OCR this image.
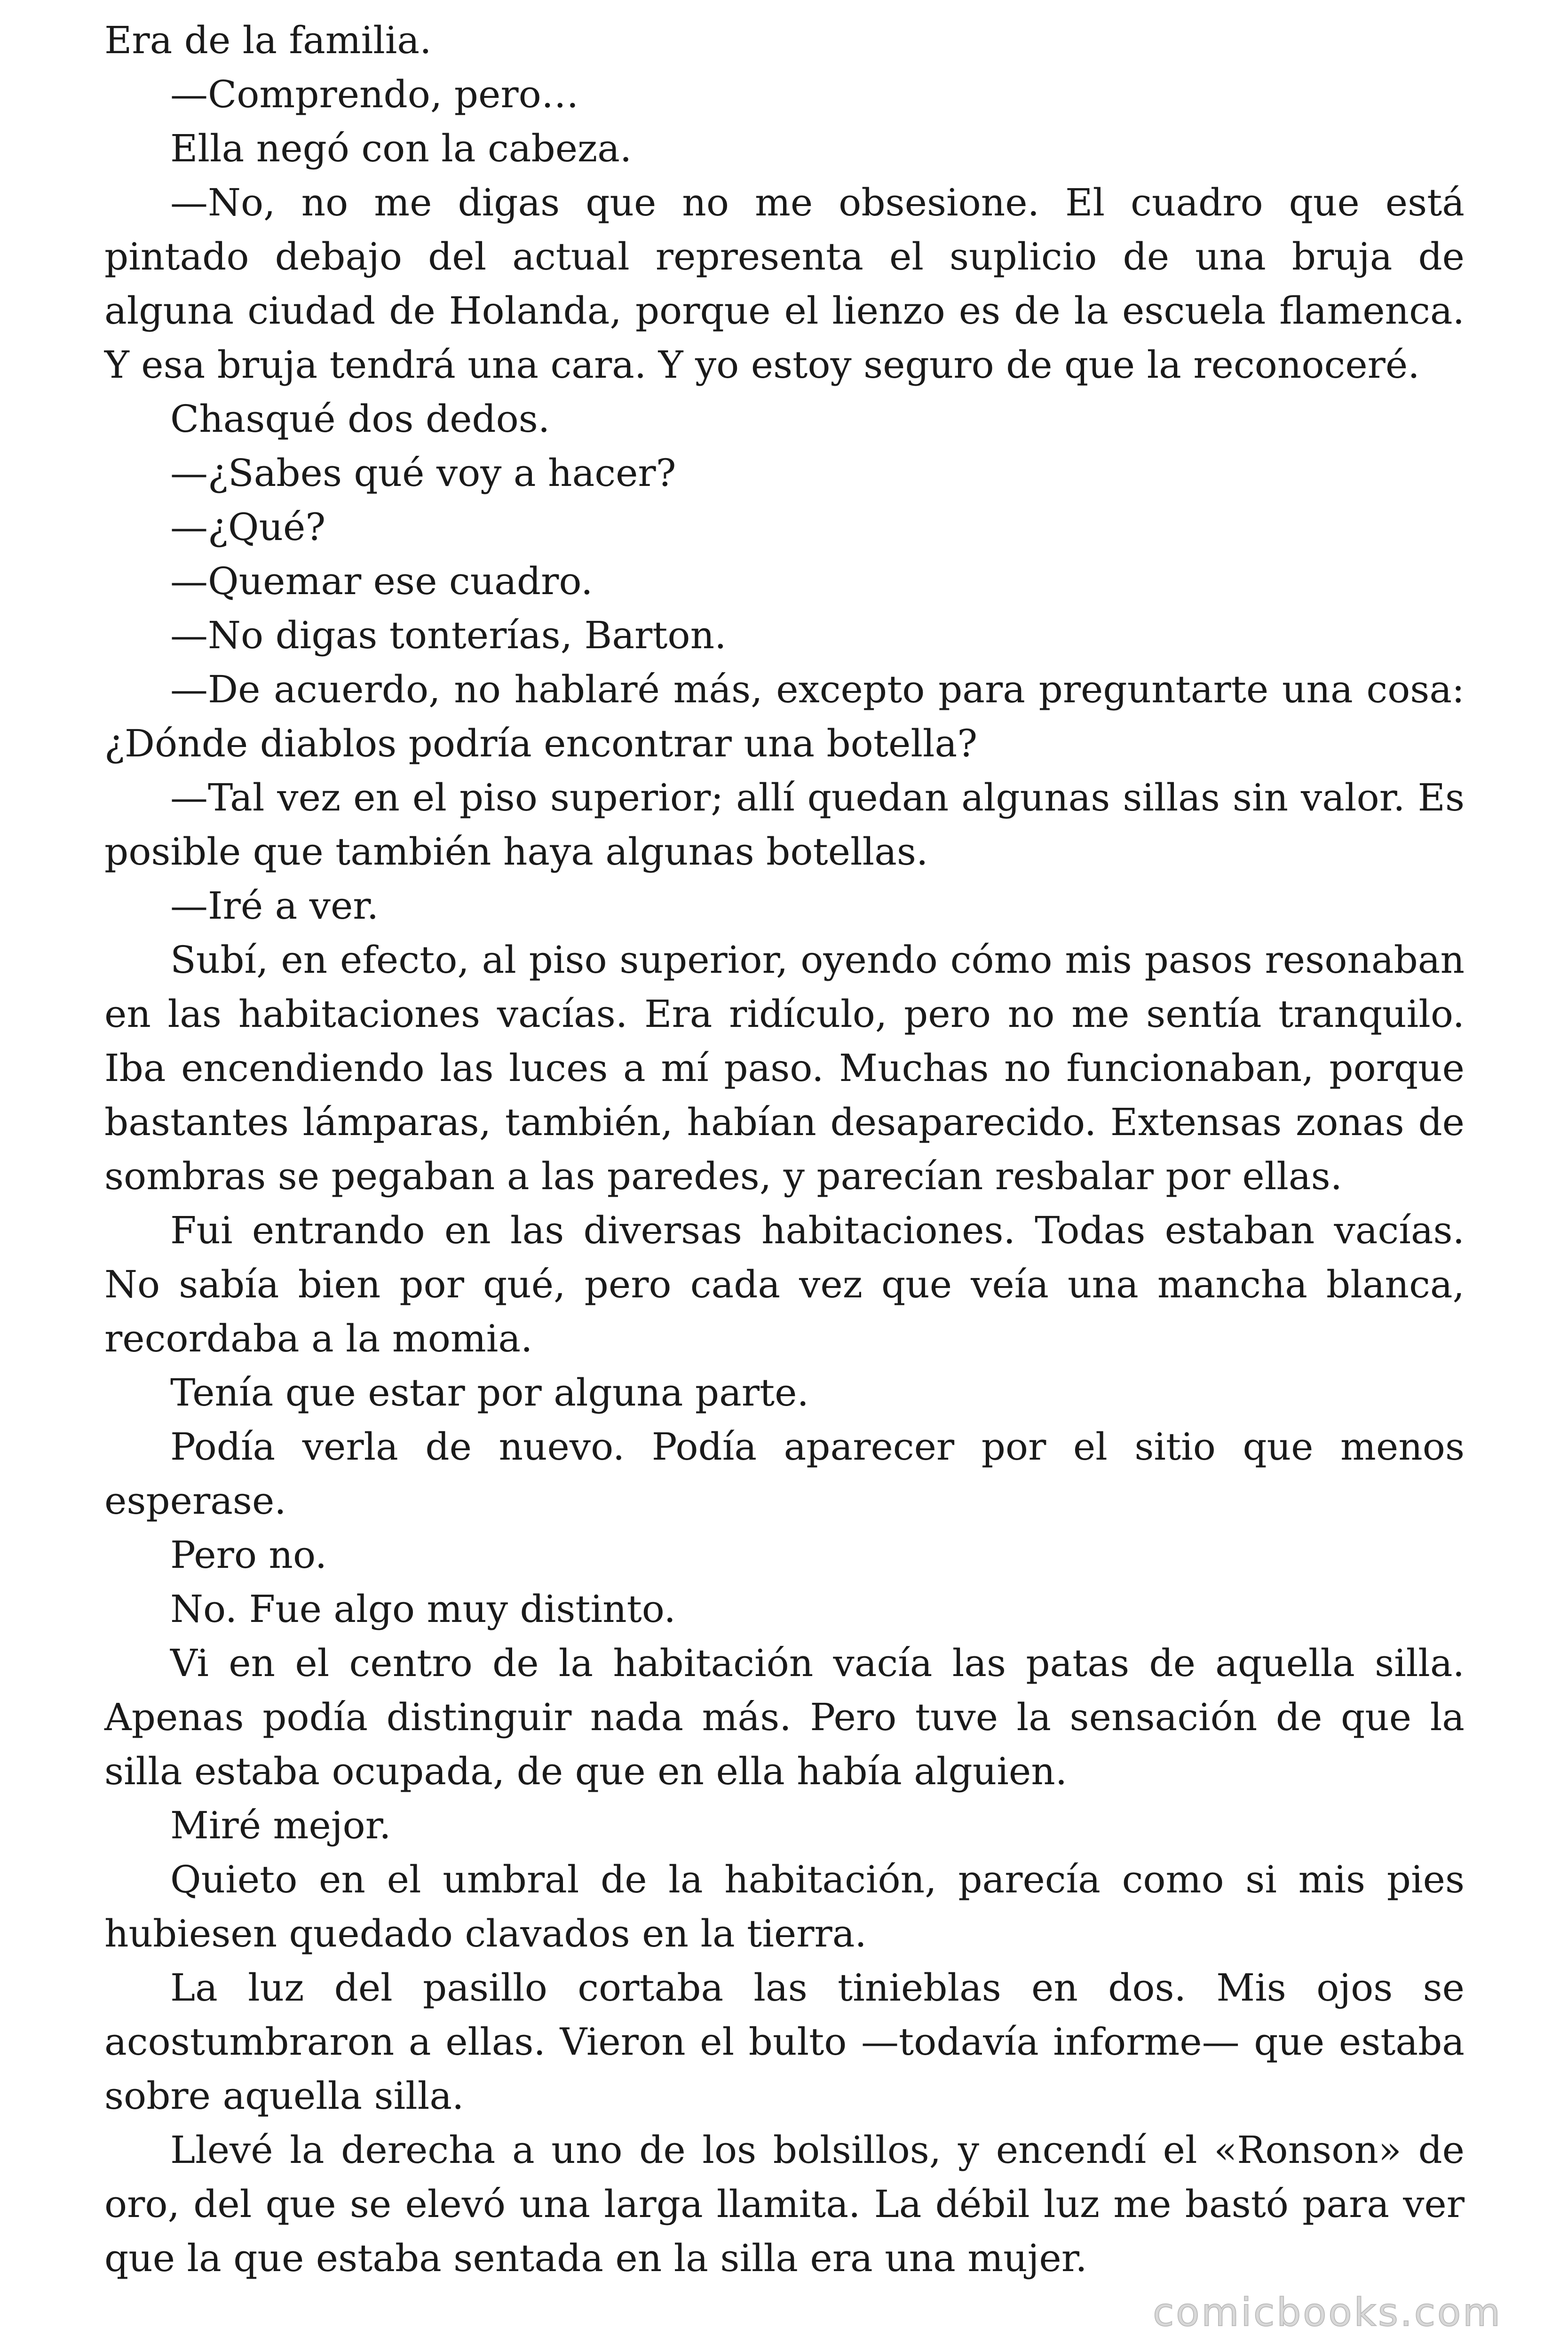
Era de la familia.

—Comprendo, pero…

Ella negó con la cabeza.

—No, no me digas que no me obsesione. El cuadro que está pintado debajo del actual representa el suplicio de una bruja de alguna ciudad de Holanda, porque el lienzo es de la escuela flamenca. Y esa bruja tendrá una cara. Y yo estoy seguro de que la reconoceré.

Chasqué dos dedos.

—¿Sabes qué voy a hacer?

—¿Qué?

—Quemar ese cuadro.

—No digas tonterías, Barton.

—De acuerdo, no hablaré más, excepto para preguntarte una cosa: ¿Dónde diablos podría encontrar una botella?

—Tal vez en el piso superior; allí quedan algunas sillas sin valor. Es posible que también haya algunas botellas.

—Iré a ver.

Subí, en efecto, al piso superior, oyendo cómo mis pasos resonaban en las habitaciones vacías. Era ridículo, pero no me sentía tranquilo. Iba encendiendo las luces a mí paso. Muchas no funcionaban, porque bastantes lámparas, también, habían desaparecido. Extensas zonas de sombras se pegaban a las paredes, y parecían resbalar por ellas.

Fui entrando en las diversas habitaciones. Todas estaban vacías. No sabía bien por qué, pero cada vez que veía una mancha blanca, recordaba a la momia.

Tenía que estar por alguna parte.

Podía verla de nuevo. Podía aparecer por el sitio que menos esperase.

Pero no.

No. Fue algo muy distinto.

Vi en el centro de la habitación vacía las patas de aquella silla. Apenas podía distinguir nada más. Pero tuve la sensación de que la silla estaba ocupada, de que en ella había alguien.

Miré mejor.

Quieto en el umbral de la habitación, parecía como si mis pies hubiesen quedado clavados en la tierra.

La luz del pasillo cortaba las tinieblas en dos. Mis ojos se acostumbraron a ellas. Vieron el bulto —todavía informe— que estaba sobre aquella silla.

Llevé la derecha a uno de los bolsillos, y encendí el «Ronson» de oro, del que se elevó una larga llamita. La débil luz me bastó para ver que la que estaba sentada en la silla era una mujer.

comicbooks.com
